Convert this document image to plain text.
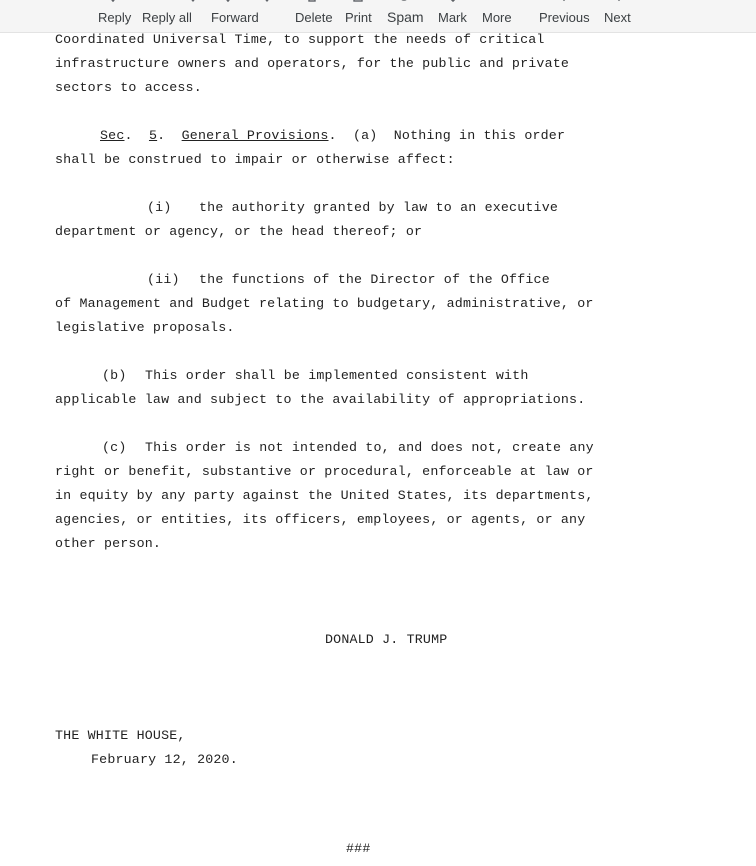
Reply Reply all Forward	Delete Print Spam Mark More Previous Next
Coordinated Universal Time, to support the needs of critical
infrastructure owners and operators, for the public and private
sectors to access.
Sec.  5.  General Provisions.  (a)  Nothing in this order
shall be construed to impair or otherwise affect:
(i) the authority granted by law to an executive
department or agency, or the head thereof; or
(ii) the functions of the Director of the Office
of Management and Budget relating to budgetary, administrative, or
legislative proposals.
(b) This order shall be implemented consistent with
applicable law and subject to the availability of appropriations.
(c) This order is not intended to, and does not, create any
right or benefit, substantive or procedural, enforceable at law or
in equity by any party against the United States, its departments,
agencies, or entities, its officers, employees, or agents, or any
other person.
DONALD J. TRUMP
THE WHITE HOUSE,
February 12, 2020.
###
